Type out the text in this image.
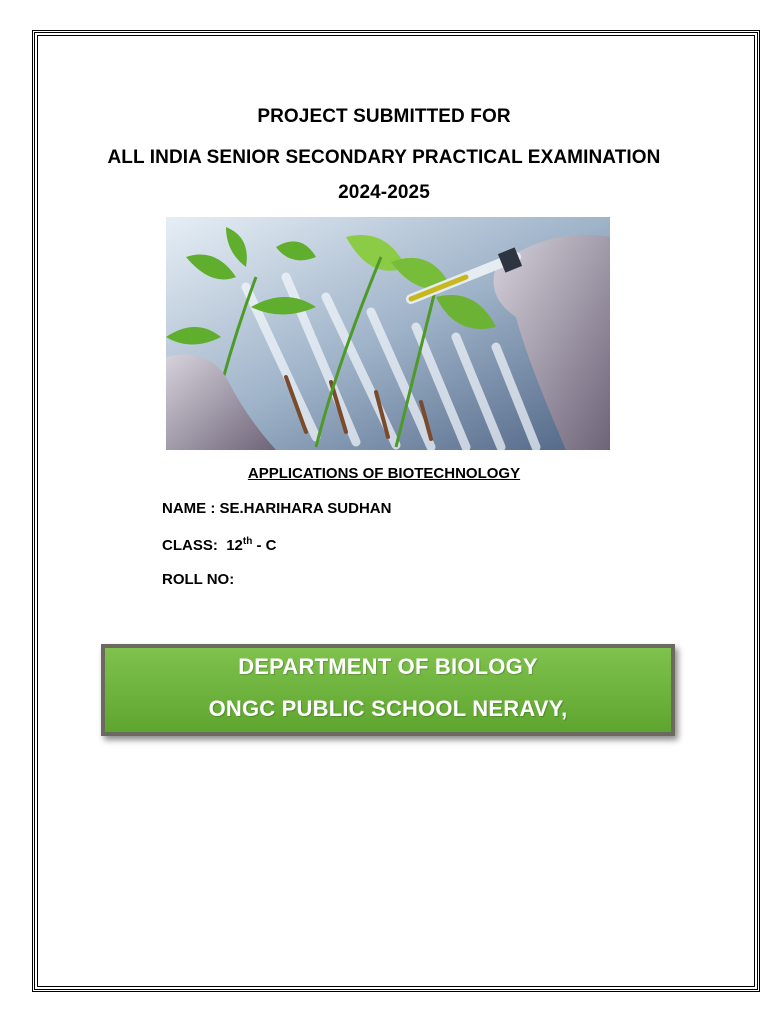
PROJECT SUBMITTED FOR
ALL INDIA SENIOR SECONDARY PRACTICAL EXAMINATION
2024-2025
APPLICATIONS OF BIOTECHNOLOGY
NAME : SE.HARIHARA SUDHAN
CLASS: 12th - C
ROLL NO:
DEPARTMENT OF BIOLOGY
ONGC PUBLIC SCHOOL NERAVY,
